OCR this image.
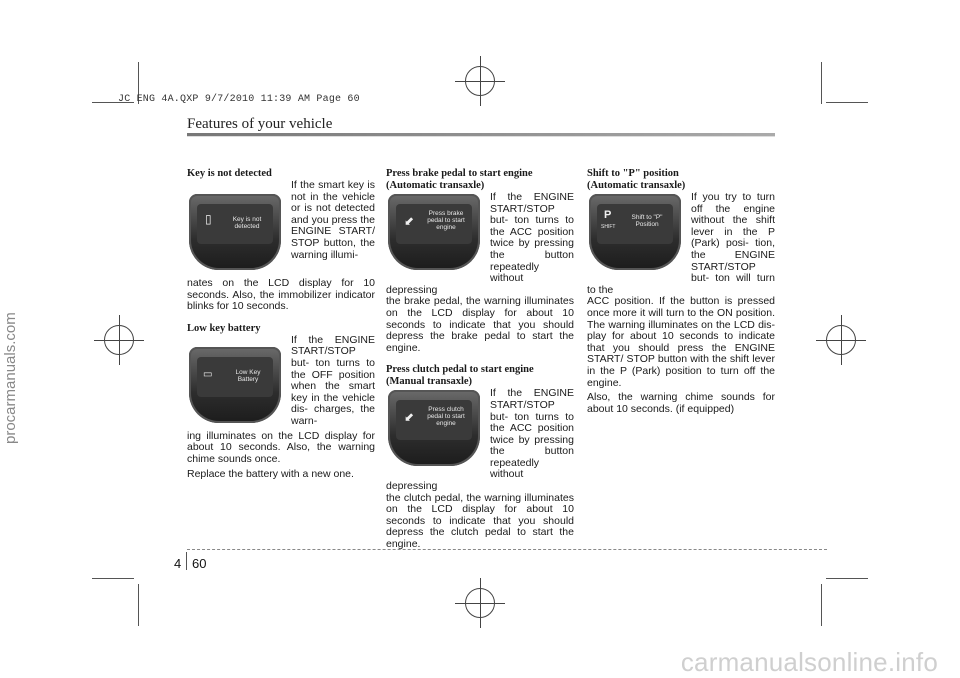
JC ENG 4A.QXP 9/7/2010 11:39 AM Page 60
procarmanuals.com
carmanualsonline.info
Features of your vehicle

Key is not detected

▯	Key is not detected

If the smart key is not in the vehicle or is not detected and you press the ENGINE START/ STOP button, the warning illumi-

nates on the LCD display for 10 seconds. Also, the immobilizer indicator blinks for 10 seconds.

Low key battery

▭	Low Key Battery

If the ENGINE START/STOP but- ton turns to the OFF position when the smart key in the vehicle dis- charges, the warn-

ing illuminates on the LCD display for about 10 seconds. Also, the warning chime sounds once.

Replace the battery with a new one.

Press brake pedal to start engine

(Automatic transaxle)

⬋
Press brake pedal to start engine

If the ENGINE START/STOP but- ton turns to the ACC position twice by pressing the button repeatedly without depressing

the brake pedal, the warning illuminates on the LCD display for about 10 seconds to indicate that you should depress the brake pedal to start the engine.

Press clutch pedal to start engine

(Manual transaxle)

⬋
Press clutch pedal to start engine

If the ENGINE START/STOP but- ton turns to the ACC position twice by pressing the button repeatedly without depressing

the clutch pedal, the warning illuminates on the LCD display for about 10 seconds to indicate that you should depress the clutch pedal to start the engine.

Shift to "P" position

(Automatic transaxle)

P
SHIFT
Shift to "P" Position

If you try to turn off the engine without the shift lever in the P (Park) posi- tion, the ENGINE START/STOP but- ton will turn to the

ACC position. If the button is pressed once more it will turn to the ON position. The warning illuminates on the LCD dis- play for about 10 seconds to indicate that you should press the ENGINE START/ STOP button with the shift lever in the P (Park) position to turn off the engine.

Also, the warning chime sounds for about 10 seconds. (if equipped)

4 60
